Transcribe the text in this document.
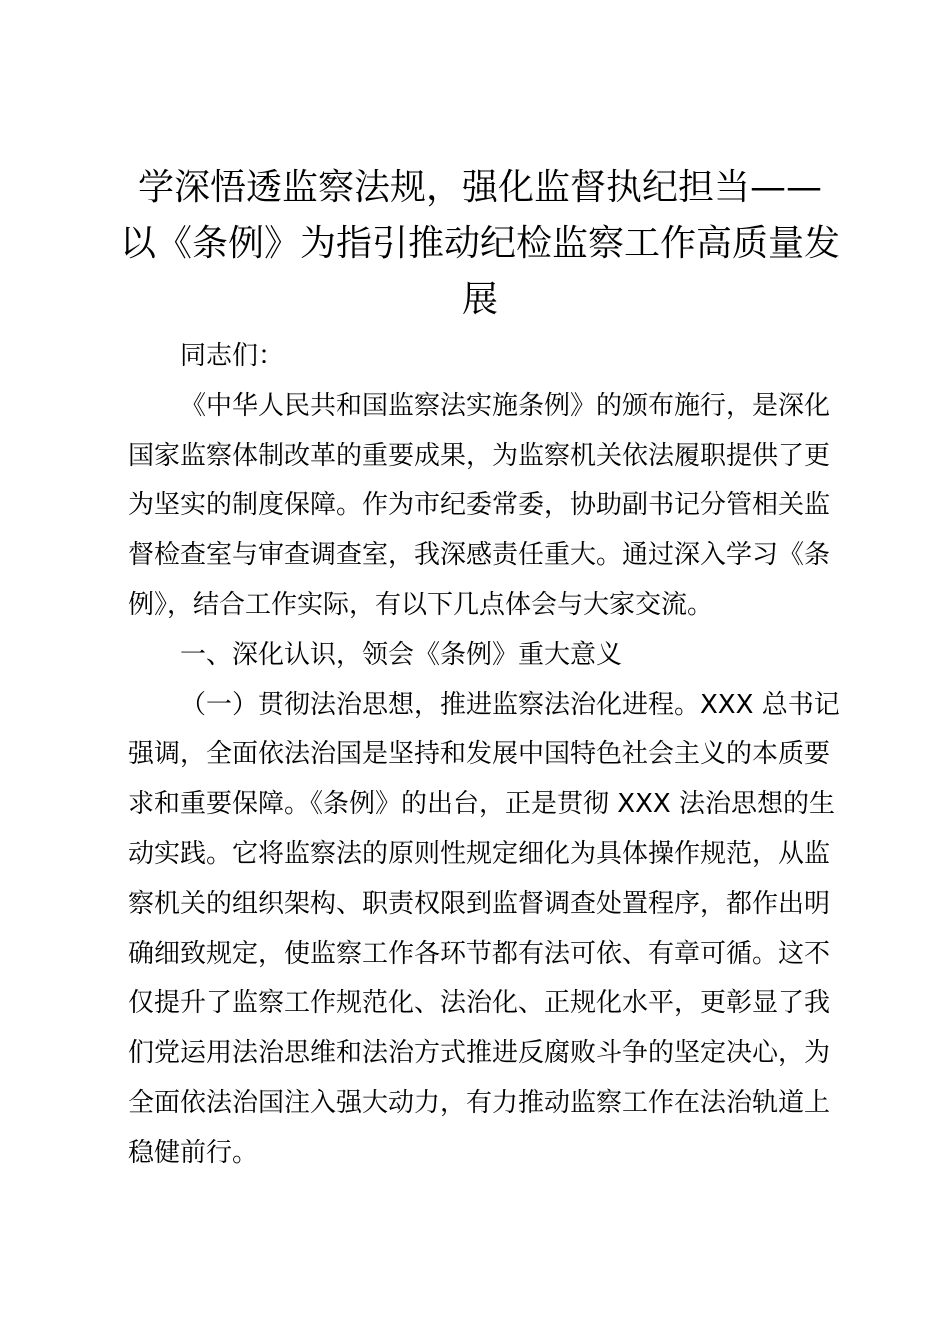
学深悟透监察法规，强化监督执纪担当——
以《条例》为指引推动纪检监察工作高质量发
展
同志们：
《中华人民共和国监察法实施条例》的颁布施行，是深化
国家监察体制改革的重要成果，为监察机关依法履职提供了更
为坚实的制度保障。作为市纪委常委，协助副书记分管相关监
督检查室与审查调查室，我深感责任重大。通过深入学习《条
例》，结合工作实际，有以下几点体会与大家交流。
一、深化认识，领会《条例》重大意义
（一）贯彻法治思想，推进监察法治化进程。XXX 总书记
强调，全面依法治国是坚持和发展中国特色社会主义的本质要
求和重要保障。《条例》的出台，正是贯彻 XXX 法治思想的生
动实践。它将监察法的原则性规定细化为具体操作规范，从监
察机关的组织架构、职责权限到监督调查处置程序，都作出明
确细致规定，使监察工作各环节都有法可依、有章可循。这不
仅提升了监察工作规范化、法治化、正规化水平，更彰显了我
们党运用法治思维和法治方式推进反腐败斗争的坚定决心，为
全面依法治国注入强大动力，有力推动监察工作在法治轨道上
稳健前行。
